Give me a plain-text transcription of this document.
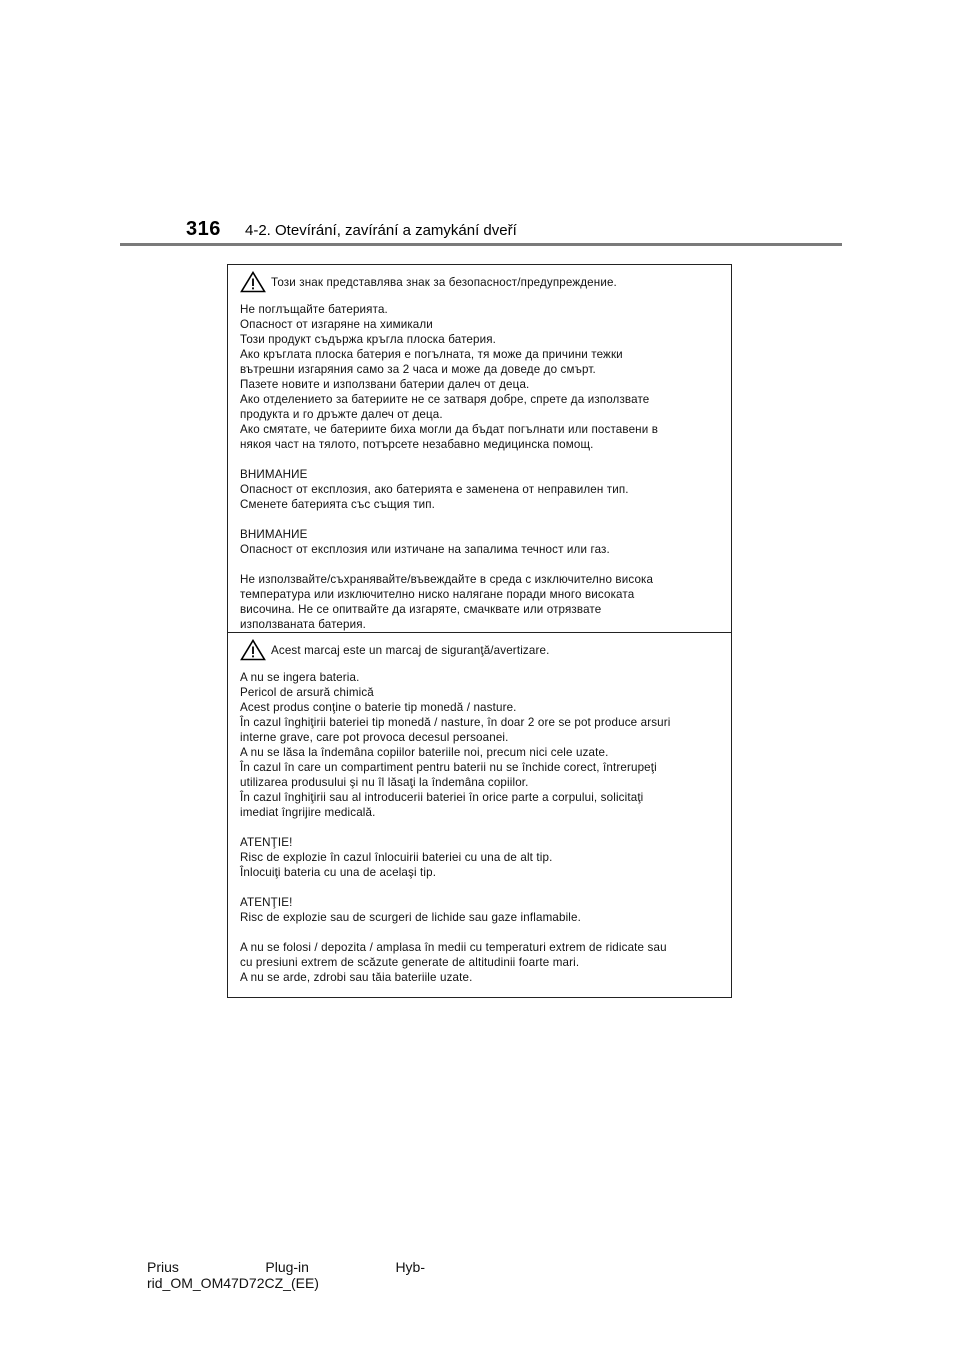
316 4-2. Otevírání, zavírání a zamykání dveří
Този знак представлява знак за безопасност/предупреждение.
Не поглъщайте батерията.
Опасност от изгаряне на химикали
Този продукт съдържа кръгла плоска батерия.
Ако кръглата плоска батерия е погълната, тя може да причини тежки
вътрешни изгаряния само за 2 часа и може да доведе до смърт.
Пазете новите и използвани батерии далеч от деца.
Ако отделението за батериите не се затваря добре, спрете да използвате
продукта и го дръжте далеч от деца.
Ако смятате, че батериите биха могли да бъдат погълнати или поставени в
някоя част на тялото, потърсете незабавно медицинска помощ.
ВНИМАНИЕ
Опасност от експлозия, ако батерията е заменена от неправилен тип.
Сменете батерията със същия тип.
ВНИМАНИЕ
Опасност от експлозия или изтичане на запалима течност или газ.
Не използвайте/съхранявайте/въвеждайте в среда с изключително висока
температура или изключително ниско налягане поради много високата
височина. Не се опитвайте да изгаряте, смачквате или отрязвате
използваната батерия.
Acest marcaj este un marcaj de siguranţă/avertizare.
A nu se ingera bateria.
Pericol de arsură chimică
Acest produs conţine o baterie tip monedă / nasture.
În cazul înghiţirii bateriei tip monedă / nasture, în doar 2 ore se pot produce arsuri
interne grave, care pot provoca decesul persoanei.
A nu se lăsa la îndemâna copiilor bateriile noi, precum nici cele uzate.
În cazul în care un compartiment pentru baterii nu se închide corect, întrerupeţi
utilizarea produsului şi nu îl lăsaţi la îndemâna copiilor.
În cazul înghiţirii sau al introducerii bateriei în orice parte a corpului, solicitaţi
imediat îngrijire medicală.
ATENŢIE!
Risc de explozie în cazul înlocuirii bateriei cu una de alt tip.
Înlocuiţi bateria cu una de acelaşi tip.
ATENŢIE!
Risc de explozie sau de scurgeri de lichide sau gaze inflamabile.
A nu se folosi / depozita / amplasa în medii cu temperaturi extrem de ridicate sau
cu presiuni extrem de scăzute generate de altitudinii foarte mari.
A nu se arde, zdrobi sau tăia bateriile uzate.
Prius	Plug-in	Hyb-
rid_OM_OM47D72CZ_(EE)
